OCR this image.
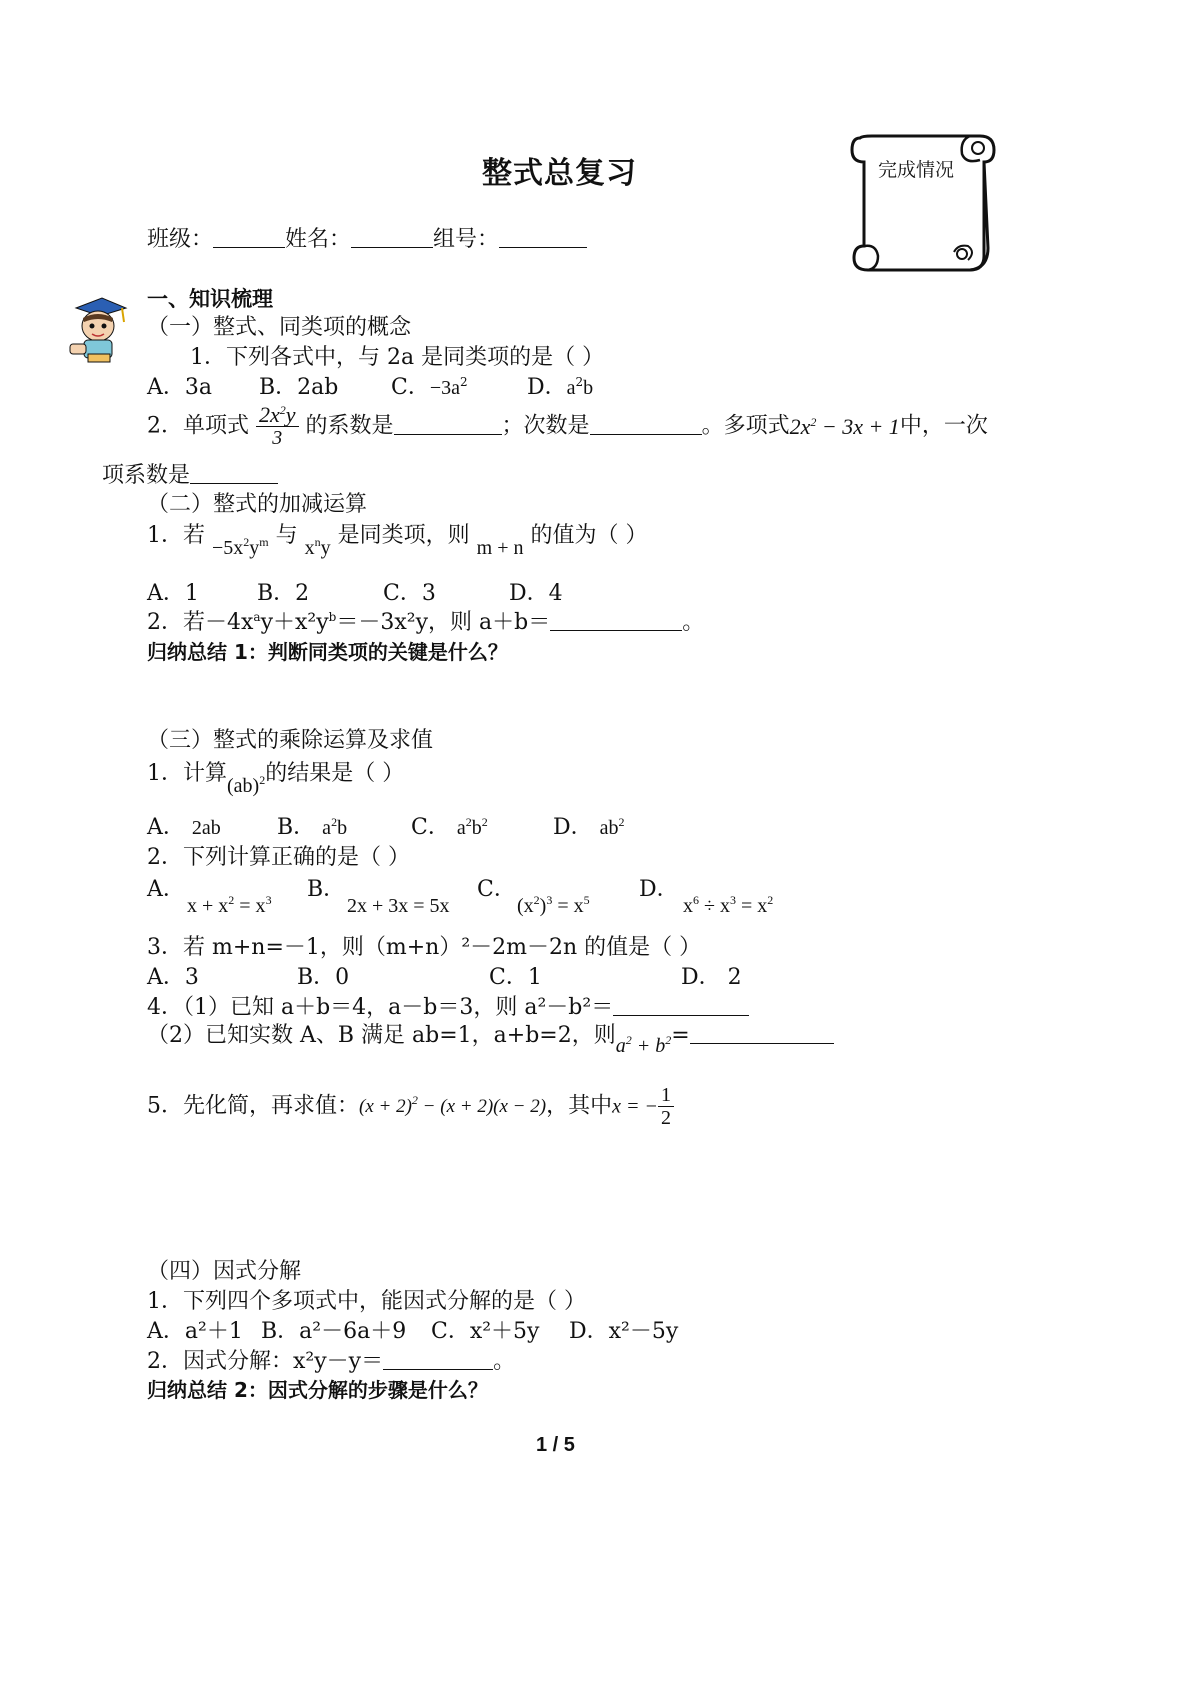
整式总复习	完成情况
班级：	姓名：	组号：
一、知识梳理
（一）整式、同类项的概念
1．下列各式中，与 2a 是同类项的是（ ）
A．3a B．2ab C．$-3a^2$	D．$a^2b$
2．单项式 $\frac{2x^2y}{3}$ 的系数是	；次数是	。多项式$2x^2 - 3x + 1$中，一次
项系数是
（二）整式的加减运算
1．若 $-5x^2y^m$ 与 $x^ny$ 是同类项，则 m + n 的值为（ ）
A．1	B．2	C．3	D．4
2．若$-4x^ay+x^2y^b=-3x^2y$，则 a＋b＝	。
归纳总结 1：判断同类项的关键是什么？
（三）整式的乘除运算及求值
1．计算(ab)$^2$的结果是（ ）
A． 2ab	B． $a^2b$	C． $a^2b^2$	D． $ab^2$
2．下列计算正确的是（ ）
A．
$x + x^2 = x^3$ B．
2x + 3x = 5x
C．
$(x^2)^3 = x^5$ D．
$x^6 \div x^3 = x^2$
3．若 m+n=－1，则（m+n）²－2m－2n 的值是（ ）
A．3	B．0	C．1	D． 2
4．（1）已知 a＋b＝4，a－b＝3，则 a²－b²＝
（2）已知实数 A、B 满足 ab=1，a+b=2，则$a^2 + b^2=$
5．先化简，再求值：$(x + 2)^2 - (x + 2)(x - 2)$，其中x = − $\frac{1}{2}$
（四）因式分解
1．下列四个多项式中，能因式分解的是（ ）
A．a²＋1 B．a²－6a＋9 C．x²＋5y D．x²－5y
2．因式分解：x²y－y＝	。
归纳总结 2：因式分解的步骤是什么？
1 / 5
